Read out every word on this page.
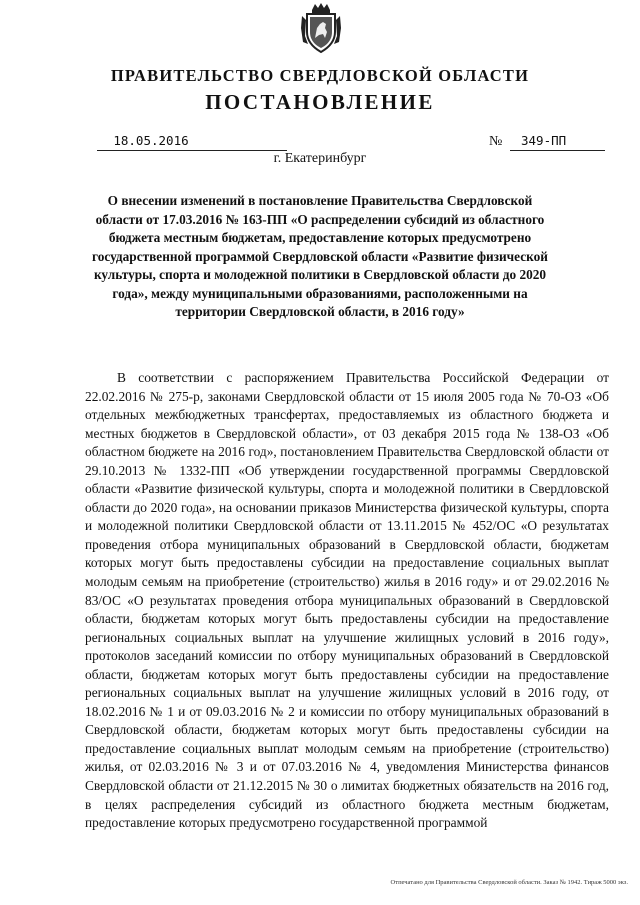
ПРАВИТЕЛЬСТВО СВЕРДЛОВСКОЙ ОБЛАСТИ
ПОСТАНОВЛЕНИЕ
18.05.2016	№ 349-ПП
г. Екатеринбург

О внесении изменений в постановление Правительства Свердловской области от 17.03.2016 № 163-ПП «О распределении субсидий из областного бюджета местным бюджетам, предоставление которых предусмотрено государственной программой Свердловской области «Развитие физической культуры, спорта и молодежной политики в Свердловской области до 2020 года», между муниципальными образованиями, расположенными на территории Свердловской области, в 2016 году»

В соответствии с распоряжением Правительства Российской Федерации от 22.02.2016 № 275-р, законами Свердловской области от 15 июля 2005 года № 70-ОЗ «Об отдельных межбюджетных трансфертах, предоставляемых из областного бюджета и местных бюджетов в Свердловской области», от 03 декабря 2015 года № 138-ОЗ «Об областном бюджете на 2016 год», постановлением Правительства Свердловской области от 29.10.2013 № 1332-ПП «Об утверждении государственной программы Свердловской области «Развитие физической культуры, спорта и молодежной политики в Свердловской области до 2020 года», на основании приказов Министерства физической культуры, спорта и молодежной политики Свердловской области от 13.11.2015 № 452/ОС «О результатах проведения отбора муниципальных образований в Свердловской области, бюджетам которых могут быть предоставлены субсидии на предоставление социальных выплат молодым семьям на приобретение (строительство) жилья в 2016 году» и от 29.02.2016 № 83/ОС «О результатах проведения отбора муниципальных образований в Свердловской области, бюджетам которых могут быть предоставлены субсидии на предоставление региональных социальных выплат на улучшение жилищных условий в 2016 году», протоколов заседаний комиссии по отбору муниципальных образований в Свердловской области, бюджетам которых могут быть предоставлены субсидии на предоставление региональных социальных выплат на улучшение жилищных условий в 2016 году, от 18.02.2016 № 1 и от 09.03.2016 № 2 и комиссии по отбору муниципальных образований в Свердловской области, бюджетам которых могут быть предоставлены субсидии на предоставление социальных выплат молодым семьям на приобретение (строительство) жилья, от 02.03.2016 № 3 и от 07.03.2016 № 4, уведомления Министерства финансов Свердловской области от 21.12.2015 № 30 о лимитах бюджетных обязательств на 2016 год, в целях распределения субсидий из областного бюджета местным бюджетам, предоставление которых предусмотрено государственной программой

Отпечатано для Правительства Свердловской области. Заказ № 1942. Тираж 5000 экз.
